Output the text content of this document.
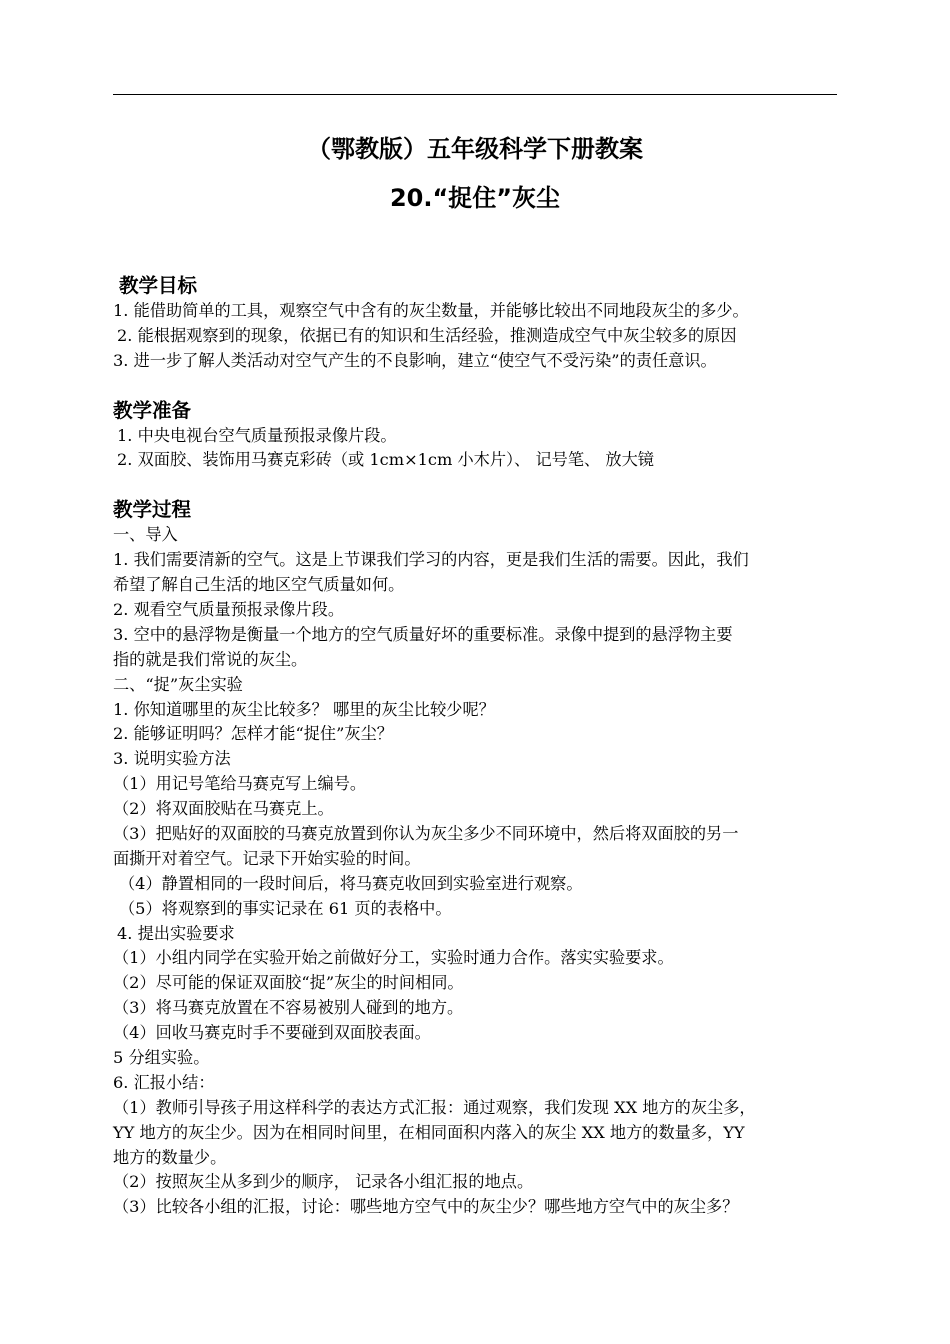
（鄂教版）五年级科学下册教案
20.“捉住”灰尘
教学目标
1. 能借助简单的工具，观察空气中含有的灰尘数量，并能够比较出不同地段灰尘的多少。
2. 能根据观察到的现象，依据已有的知识和生活经验，推测造成空气中灰尘较多的原因
3. 进一步了解人类活动对空气产生的不良影响，建立“使空气不受污染”的责任意识。
教学准备
1. 中央电视台空气质量预报录像片段。
2. 双面胶、装饰用马赛克彩砖（或 1cm×1cm 小木片）、 记号笔、 放大镜
教学过程
一、导入
1. 我们需要清新的空气。这是上节课我们学习的内容，更是我们生活的需要。因此，我们
希望了解自己生活的地区空气质量如何。
2. 观看空气质量预报录像片段。
3. 空中的悬浮物是衡量一个地方的空气质量好坏的重要标准。录像中提到的悬浮物主要
指的就是我们常说的灰尘。
二、“捉”灰尘实验
1. 你知道哪里的灰尘比较多？ 哪里的灰尘比较少呢？
2. 能够证明吗？怎样才能“捉住”灰尘？
3. 说明实验方法
（1）用记号笔给马赛克写上编号。
（2）将双面胶贴在马赛克上。
（3）把贴好的双面胶的马赛克放置到你认为灰尘多少不同环境中，然后将双面胶的另一
面撕开对着空气。记录下开始实验的时间。
（4）静置相同的一段时间后，将马赛克收回到实验室进行观察。
（5）将观察到的事实记录在 61 页的表格中。
4. 提出实验要求
（1）小组内同学在实验开始之前做好分工，实验时通力合作。落实实验要求。
（2）尽可能的保证双面胶“捉”灰尘的时间相同。
（3）将马赛克放置在不容易被别人碰到的地方。
（4）回收马赛克时手不要碰到双面胶表面。
5 分组实验。
6. 汇报小结：
（1）教师引导孩子用这样科学的表达方式汇报：通过观察，我们发现 XX 地方的灰尘多，
YY 地方的灰尘少。因为在相同时间里，在相同面积内落入的灰尘 XX 地方的数量多，YY
地方的数量少。
（2）按照灰尘从多到少的顺序， 记录各小组汇报的地点。
（3）比较各小组的汇报，讨论：哪些地方空气中的灰尘少？哪些地方空气中的灰尘多？
